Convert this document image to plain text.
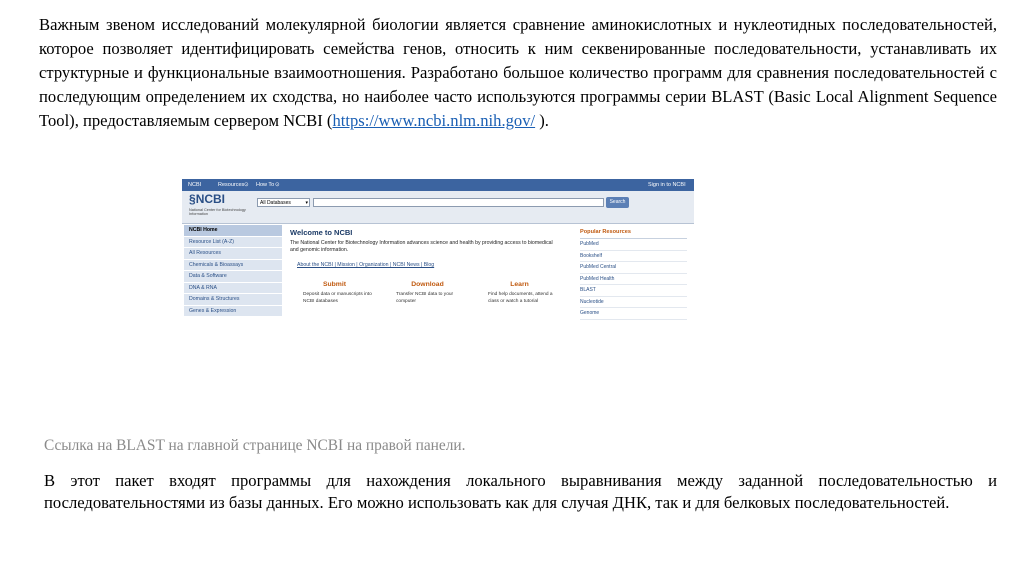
Важным звеном исследований молекулярной биологии является сравнение аминокислотных и нуклеотидных последовательностей, которое позволяет идентифицировать семейства генов, относить к ним секвенированные последовательности, устанавливать их структурные и функциональные взаимоотношения. Разработано большое количество программ для сравнения последовательностей с последующим определением их сходства, но наиболее часто используются программы серии BLAST (Basic Local Alignment Sequence Tool), предоставляемым сервером NCBI (https://www.ncbi.nlm.nih.gov/ ).
NCBI	Resources ⊙ How To ⊙	Sign in to NCBI
§NCBI
National Center for Biotechnology Information
All Databases	▾	Search
NCBI Home
Resource List (A-Z)
All Resources
Chemicals & Bioassays
Data & Software
DNA & RNA
Domains & Structures
Genes & Expression
Welcome to NCBI
The National Center for Biotechnology Information advances science and health by providing access to biomedical and genomic information.
About the NCBI | Mission | Organization | NCBI News | Blog
Submit
Deposit data or manuscripts into NCBI databases
Download
Transfer NCBI data to your computer
Learn
Find help documents, attend a class or watch a tutorial
Popular Resources
PubMed
Bookshelf
PubMed Central
PubMed Health
BLAST
Nucleotide
Genome
Ссылка на BLAST на главной странице NCBI на правой панели.
В этот пакет входят программы для нахождения локального выравнивания между заданной последовательностью и последовательностями из базы данных. Его можно использовать как для случая ДНК, так и для белковых последовательностей.
